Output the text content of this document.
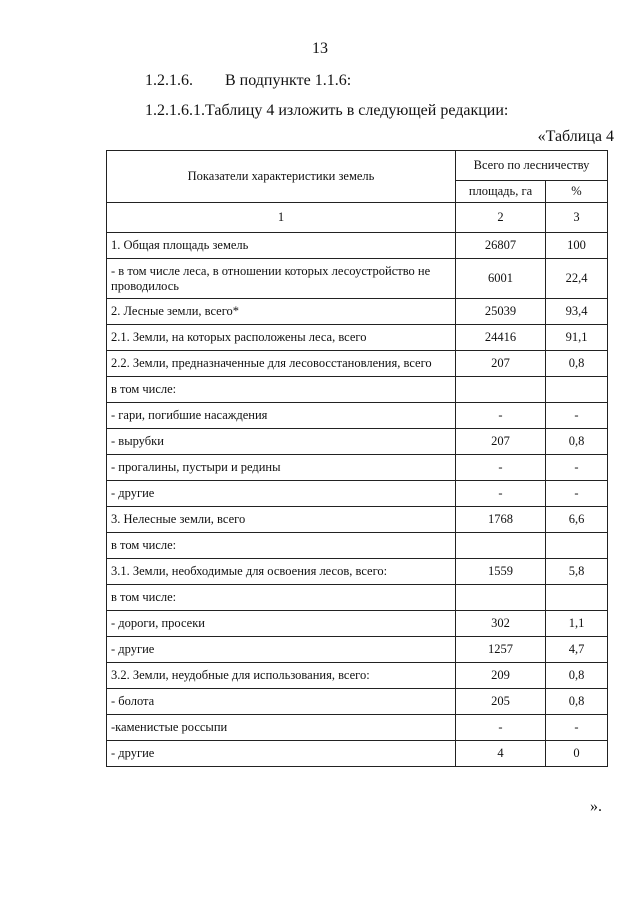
13
1.2.1.6. В подпункте 1.1.6:
1.2.1.6.1.Таблицу 4 изложить в следующей редакции:
«Таблица 4
Показатели характеристики земель	Всего по лесничеству	
	площадь, га	%
1	2	3
1. Общая площадь земель	26807	100
- в том числе леса, в отношении которых лесоустройство не проводилось	6001	22,4
2. Лесные земли, всего*	25039	93,4
2.1. Земли, на которых расположены леса, всего	24416	91,1
2.2. Земли, предназначенные для лесовосстановления, всего	207	0,8
в том числе:		
- гари, погибшие насаждения	-	-
- вырубки	207	0,8
- прогалины, пустыри и редины	-	-
- другие	-	-
3. Нелесные земли, всего	1768	6,6
в том числе:		
3.1. Земли, необходимые для освоения лесов, всего:	1559	5,8
в том числе:		
- дороги, просеки	302	1,1
- другие	1257	4,7
3.2. Земли, неудобные для использования, всего:	209	0,8
- болота	205	0,8
-каменистые россыпи	-	-
- другие	4	0
».
